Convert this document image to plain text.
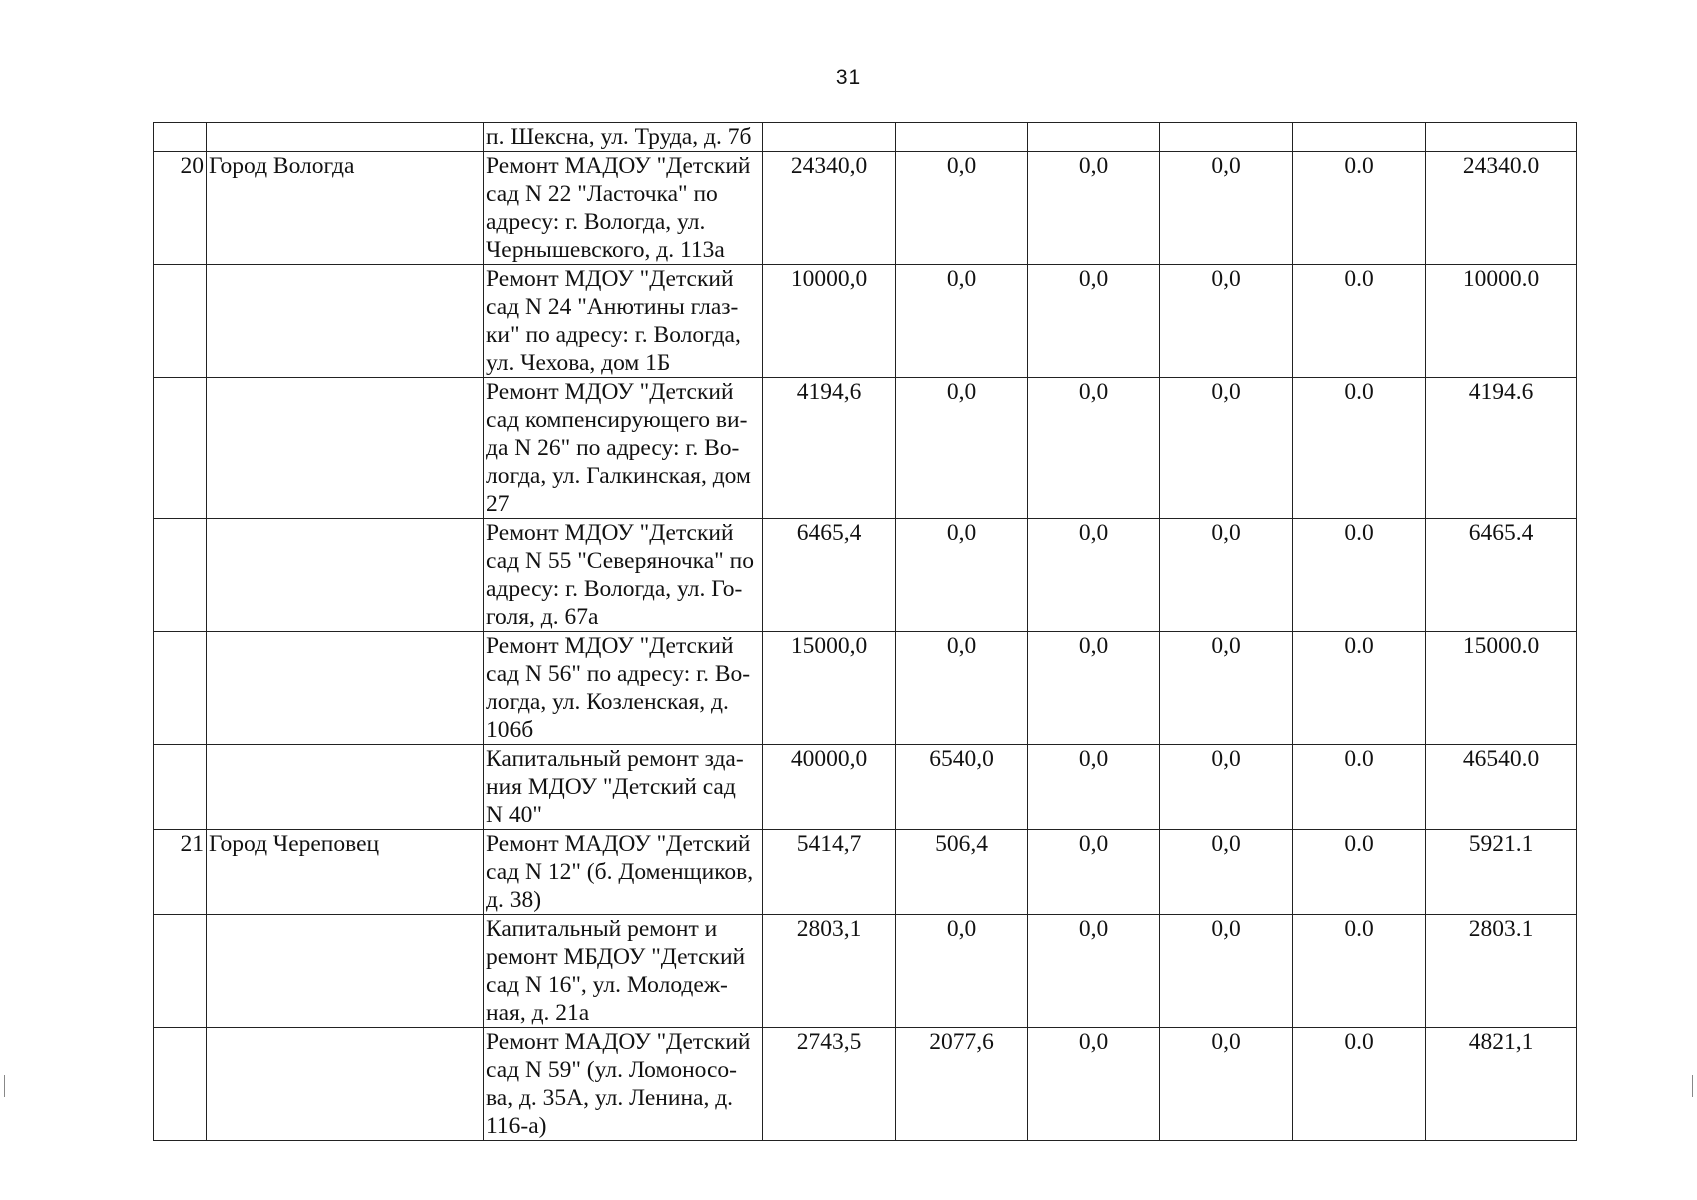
31
		п. Шексна, ул. Труда, д. 7б						
20	Город Вологда	Ремонт МАДОУ "Детский
сад N 22 "Ласточка" по
адресу: г. Вологда, ул.
Чернышевского, д. 113а	24340,0	0,0	0,0	0,0	0.0	24340.0
		Ремонт МДОУ "Детский
сад N 24 "Анютины глаз-
ки" по адресу: г. Вологда,
ул. Чехова, дом 1Б	10000,0	0,0	0,0	0,0	0.0	10000.0
		Ремонт МДОУ "Детский
сад компенсирующего ви-
да N 26" по адресу: г. Во-
логда, ул. Галкинская, дом
27	4194,6	0,0	0,0	0,0	0.0	4194.6
		Ремонт МДОУ "Детский
сад N 55 "Северяночка" по
адресу: г. Вологда, ул. Го-
голя, д. 67а	6465,4	0,0	0,0	0,0	0.0	6465.4
		Ремонт МДОУ "Детский
сад N 56" по адресу: г. Во-
логда, ул. Козленская, д.
106б	15000,0	0,0	0,0	0,0	0.0	15000.0
		Капитальный ремонт зда-
ния МДОУ "Детский сад
N 40"	40000,0	6540,0	0,0	0,0	0.0	46540.0
21	Город Череповец	Ремонт МАДОУ "Детский
сад N 12" (б. Доменщиков,
д. 38)	5414,7	506,4	0,0	0,0	0.0	5921.1
		Капитальный ремонт и
ремонт МБДОУ "Детский
сад N 16", ул. Молодеж-
ная, д. 21а	2803,1	0,0	0,0	0,0	0.0	2803.1
		Ремонт МАДОУ "Детский
сад N 59" (ул. Ломоносо-
ва, д. 35А, ул. Ленина, д.
116-а)	2743,5	2077,6	0,0	0,0	0.0	4821,1
